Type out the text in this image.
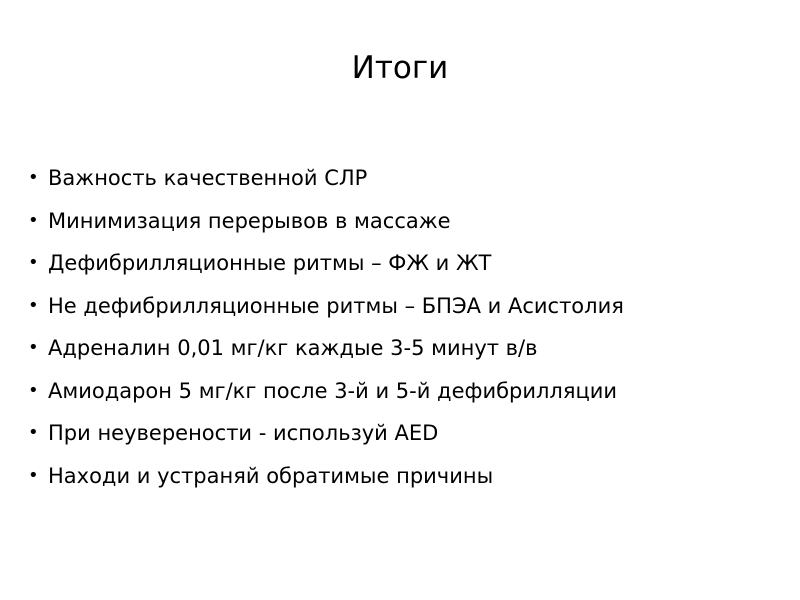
Итоги
• Важность качественной СЛР
• Минимизация перерывов в массаже
• Дефибрилляционные ритмы – ФЖ и ЖТ
• Не дефибрилляционные ритмы – БПЭА и Асистолия
• Адреналин 0,01 мг/кг каждые 3-5 минут в/в
• Амиодарон 5 мг/кг после 3-й и 5-й дефибрилляции
• При неуверености - используй AED
• Находи и устраняй обратимые причины
